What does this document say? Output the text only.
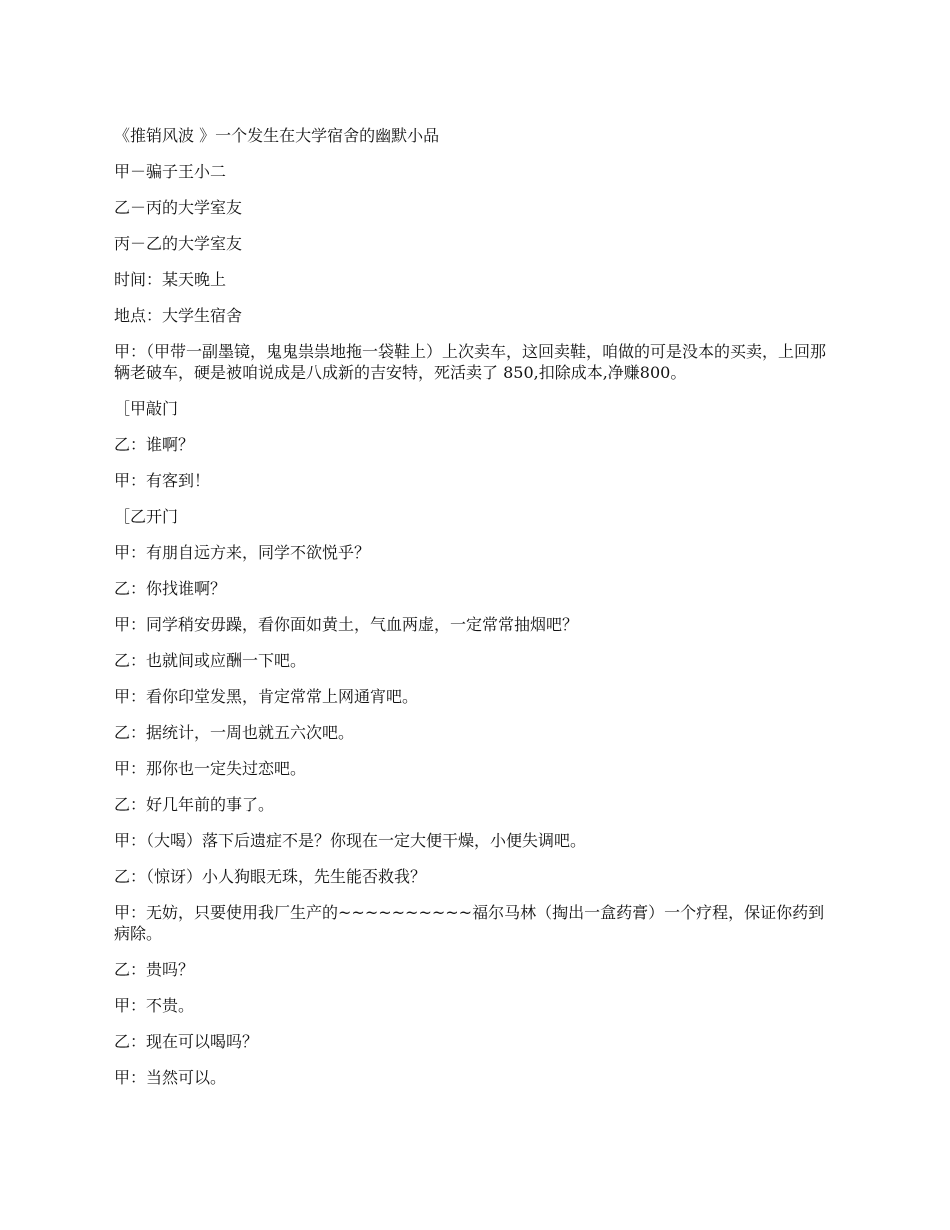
《推销风波 》一个发生在大学宿舍的幽默小品

甲－骗子王小二

乙－丙的大学室友

丙－乙的大学室友

时间：某天晚上

地点：大学生宿舍

甲：（甲带一副墨镜，鬼鬼祟祟地拖一袋鞋上）上次卖车，这回卖鞋，咱做的可是没本的买卖，上回那辆老破车，硬是被咱说成是八成新的吉安特，死活卖了 850,扣除成本,净赚800。

［甲敲门

乙：谁啊？

甲：有客到！

［乙开门

甲：有朋自远方来，同学不欲悦乎？

乙：你找谁啊？

甲：同学稍安毋躁，看你面如黄土，气血两虚，一定常常抽烟吧？

乙：也就间或应酬一下吧。

甲：看你印堂发黑，肯定常常上网通宵吧。

乙：据统计，一周也就五六次吧。

甲：那你也一定失过恋吧。

乙：好几年前的事了。

甲：（大喝）落下后遗症不是？你现在一定大便干燥，小便失调吧。

乙：（惊讶）小人狗眼无珠，先生能否救我？

甲：无妨，只要使用我厂生产的~~~~~~~~~~福尔马林（掏出一盒药膏）一个疗程，保证你药到病除。

乙：贵吗？

甲：不贵。

乙：现在可以喝吗？

甲：当然可以。
